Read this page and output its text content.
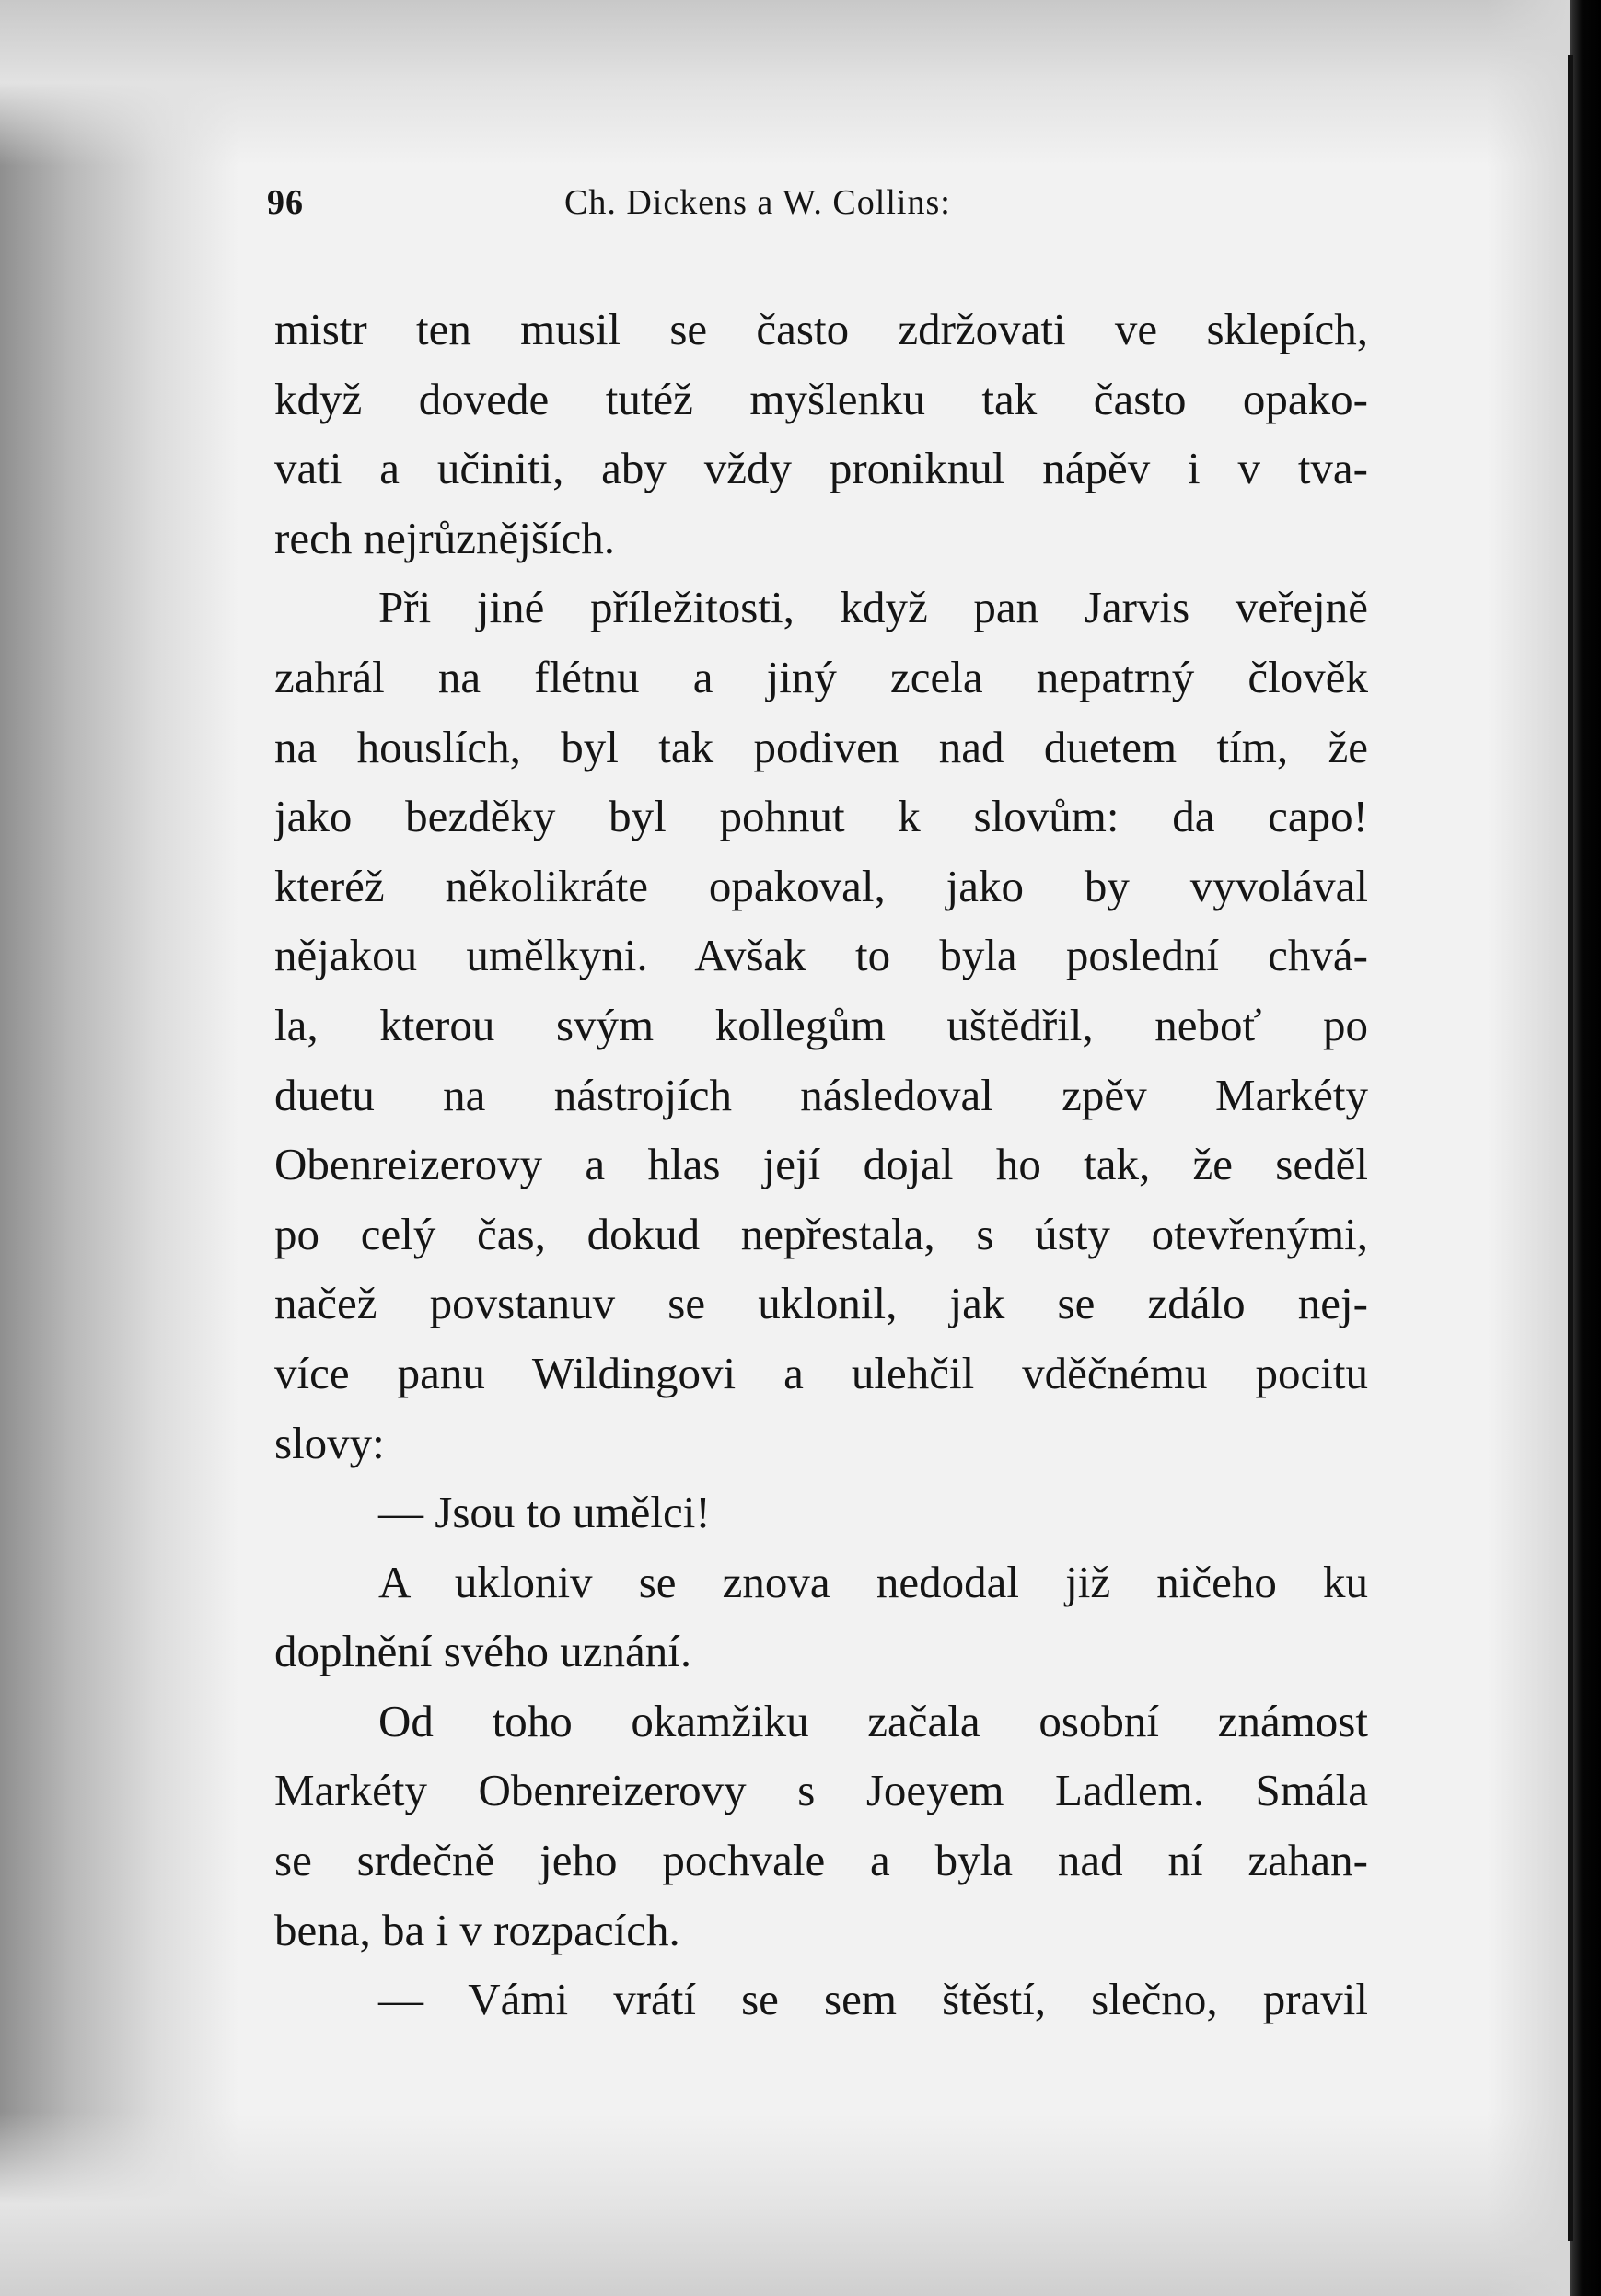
96	Ch. Dickens a W. Collins:
mistr ten musil se často zdržovati ve sklepích,
když dovede tutéž myšlenku tak často opako-
vati a učiniti, aby vždy proniknul nápěv i v tva-
rech nejrůznějších.
Při jiné příležitosti, když pan Jarvis veřejně
zahrál na flétnu a jiný zcela nepatrný člověk
na houslích, byl tak podiven nad duetem tím, že
jako bezděky byl pohnut k slovům: da capo!
kteréž několikráte opakoval, jako by vyvolával
nějakou umělkyni. Avšak to byla poslední chvá-
la, kterou svým kollegům uštědřil, neboť po
duetu na nástrojích následoval zpěv Markéty
Obenreizerovy a hlas její dojal ho tak, že seděl
po celý čas, dokud nepřestala, s ústy otevřenými,
načež povstanuv se uklonil, jak se zdálo nej-
více panu Wildingovi a ulehčil vděčnému pocitu
slovy:
— Jsou to umělci!
A ukloniv se znova nedodal již ničeho ku
doplnění svého uznání.
Od toho okamžiku začala osobní známost
Markéty Obenreizerovy s Joeyem Ladlem. Smála
se srdečně jeho pochvale a byla nad ní zahan-
bena, ba i v rozpacích.
— Vámi vrátí se sem štěstí, slečno, pravil
